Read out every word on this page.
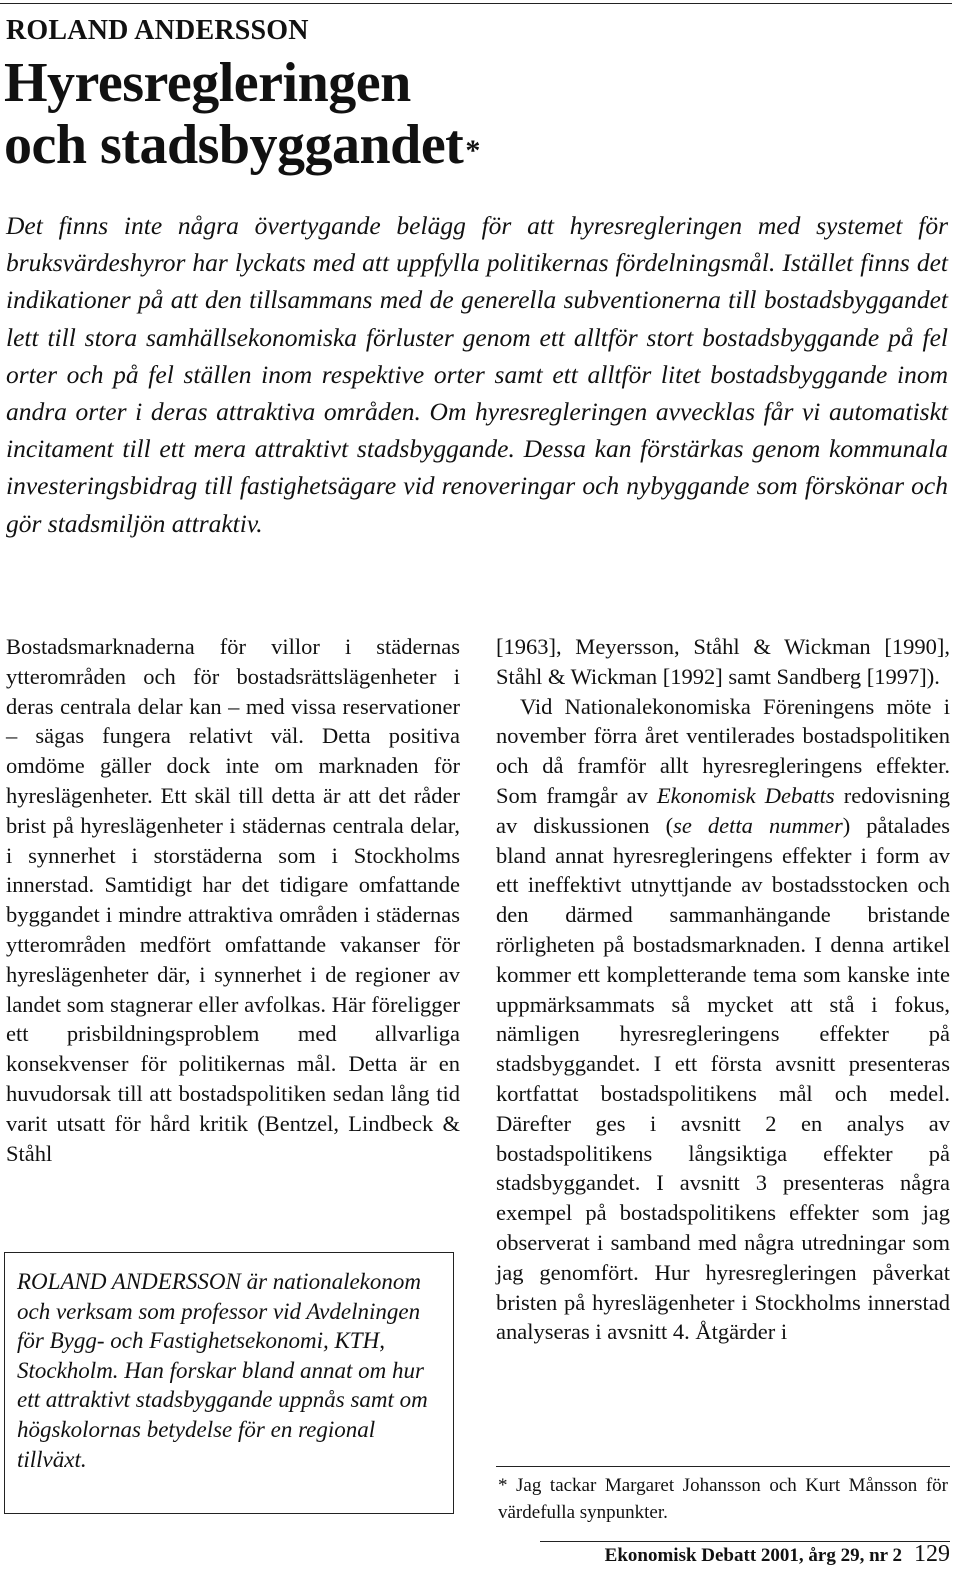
ROLAND ANDERSSON
Hyresregleringen
och stadsbyggandet*
Det finns inte några övertygande belägg för att hyresregleringen med systemet för bruksvärdeshyror har lyckats med att uppfylla politikernas fördelningsmål. Istället finns det indikationer på att den tillsammans med de generella subventionerna till bostadsbyggandet lett till stora samhällsekonomiska förluster genom ett alltför stort bostadsbyggande på fel orter och på fel ställen inom respektive orter samt ett alltför litet bostadsbyggande inom andra orter i deras attraktiva områden. Om hyresregleringen avvecklas får vi automatiskt incitament till ett mera attraktivt stadsbyggande. Dessa kan förstärkas genom kommunala investeringsbidrag till fastighetsägare vid renoveringar och nybyggande som förskönar och gör stadsmiljön attraktiv.

Bostadsmarknaderna för villor i städernas ytterområden och för bostadsrättslägenheter i deras centrala delar kan – med vissa reservationer – sägas fungera relativt väl. Detta positiva omdöme gäller dock inte om marknaden för hyreslägenheter. Ett skäl till detta är att det råder brist på hyreslägenheter i städernas centrala delar, i synnerhet i storstäderna som i Stockholms innerstad. Samtidigt har det tidigare omfattande byggandet i mindre attraktiva områden i städernas ytterområden medfört omfattande vakanser för hyreslägenheter där, i synnerhet i de regioner av landet som stagnerar eller avfolkas. Här föreligger ett prisbildningsproblem med allvarliga konsekvenser för politikernas mål. Detta är en huvudorsak till att bostadspolitiken sedan lång tid varit utsatt för hård kritik (Bentzel, Lindbeck & Ståhl

[1963], Meyersson, Ståhl & Wickman [1990], Ståhl & Wickman [1992] samt Sandberg [1997]).

Vid Nationalekonomiska Föreningens möte i november förra året ventilerades bostadspolitiken och då framför allt hyresregleringens effekter. Som framgår av Ekonomisk Debatts redovisning av diskussionen (se detta nummer) påtalades bland annat hyresregleringens effekter i form av ett ineffektivt utnyttjande av bostadsstocken och den därmed sammanhängande bristande rörligheten på bostadsmarknaden. I denna artikel kommer ett kompletterande tema som kanske inte uppmärksammats så mycket att stå i fokus, nämligen hyresregleringens effekter på stadsbyggandet. I ett första avsnitt presenteras kortfattat bostadspolitikens mål och medel. Därefter ges i avsnitt 2 en analys av bostadspolitikens långsiktiga effekter på stadsbyggandet. I avsnitt 3 presenteras några exempel på bostadspolitikens effekter som jag observerat i samband med några utredningar som jag genomfört. Hur hyresregleringen påverkat bristen på hyreslägenheter i Stockholms innerstad analyseras i avsnitt 4. Åtgärder i

ROLAND ANDERSSON är nationalekonom och verksam som professor vid Avdelningen för Bygg- och Fastighetsekonomi, KTH, Stockholm. Han forskar bland annat om hur ett attraktivt stadsbyggande uppnås samt om högskolornas betydelse för en regional tillväxt.
* Jag tackar Margaret Johansson och Kurt Månsson för värdefulla synpunkter.
Ekonomisk Debatt 2001, årg 29, nr 2 129
